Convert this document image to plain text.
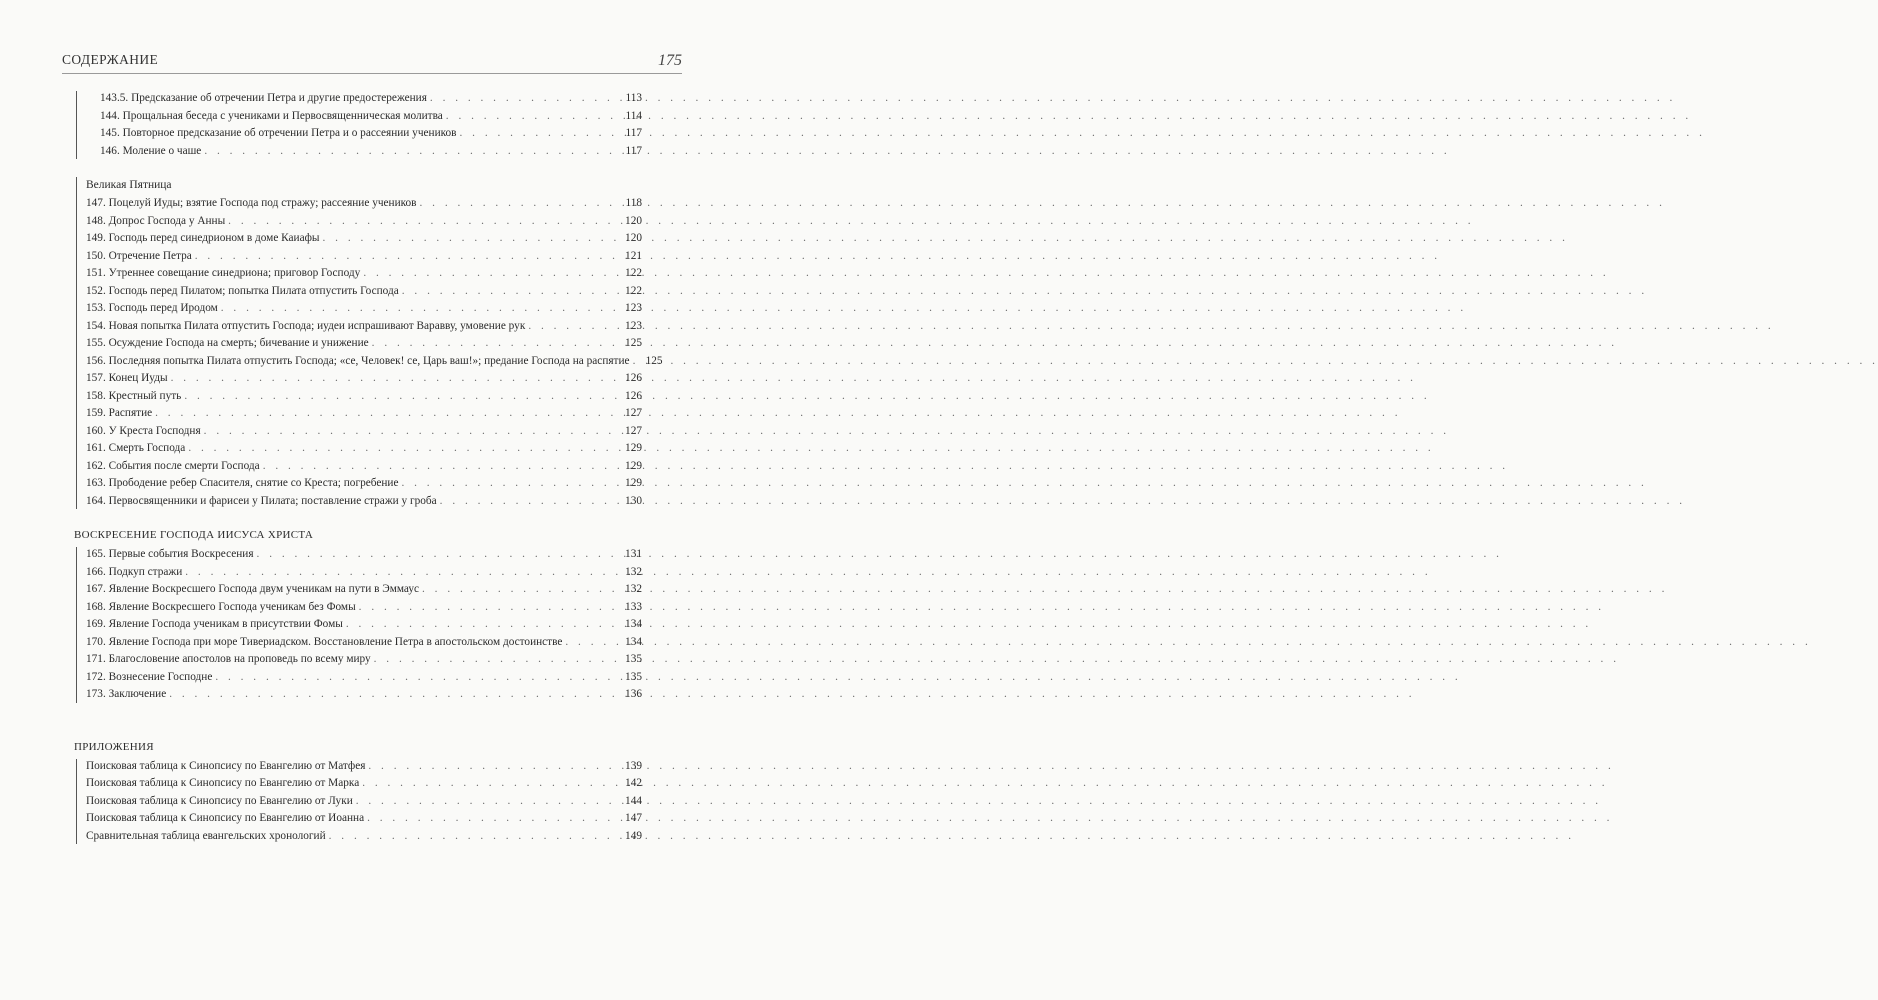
СОДЕРЖАНИЕ	175
143.5. Предсказание об отречении Петра и другие предостережения . . .	113
144. Прощальная беседа с учениками и Первосвященническая молитва . . .	114
145. Повторное предсказание об отречении Петра и о рассеянии учеников . . .	117
146. Моление о чаше . . .	117
Великая Пятница
147. Поцелуй Иуды; взятие Господа под стражу; рассеяние учеников . . .	118
148. Допрос Господа у Анны . . .	120
149. Господь перед синедрионом в доме Каиафы . . .	120
150. Отречение Петра . . .	121
151. Утреннее совещание синедриона; приговор Господу . . .	122
152. Господь перед Пилатом; попытка Пилата отпустить Господа . . .	122
153. Господь перед Иродом . . .	123
154. Новая попытка Пилата отпустить Господа; иудеи испрашивают Варавву, умовение рук . . .	123
155. Осуждение Господа на смерть; бичевание и унижение . . .	125
156. Последняя попытка Пилата отпустить Господа; «се, Человек! се, Царь ваш!»; предание Господа на распятие . . .	125
157. Конец Иуды . . .	126
158. Крестный путь . . .	126
159. Распятие . . .	127
160. У Креста Господня . . .	127
161. Смерть Господа . . .	129
162. События после смерти Господа . . .	129
163. Прободение ребер Спасителя, снятие со Креста; погребение . . .	129
164. Первосвященники и фарисеи у Пилата; поставление стражи у гроба . . .	130
ВОСКРЕСЕНИЕ ГОСПОДА ИИСУСА ХРИСТА
165. Первые события Воскресения . . .	131
166. Подкуп стражи . . .	132
167. Явление Воскресшего Господа двум ученикам на пути в Эммаус . . .	132
168. Явление Воскресшего Господа ученикам без Фомы . . .	133
169. Явление Господа ученикам в присутствии Фомы . . .	134
170. Явление Господа при море Тивериадском. Восстановление Петра в апостольском достоинстве . . .	134
171. Благословение апостолов на проповедь по всему миру . . .	135
172. Вознесение Господне . . .	135
173. Заключение . . .	136
ПРИЛОЖЕНИЯ
Поисковая таблица к Синопсису по Евангелию от Матфея . . .	139
Поисковая таблица к Синопсису по Евангелию от Марка . . .	142
Поисковая таблица к Синопсису по Евангелию от Луки . . .	144
Поисковая таблица к Синопсису по Евангелию от Иоанна . . .	147
Сравнительная таблица евангельских хронологий . . .	149
